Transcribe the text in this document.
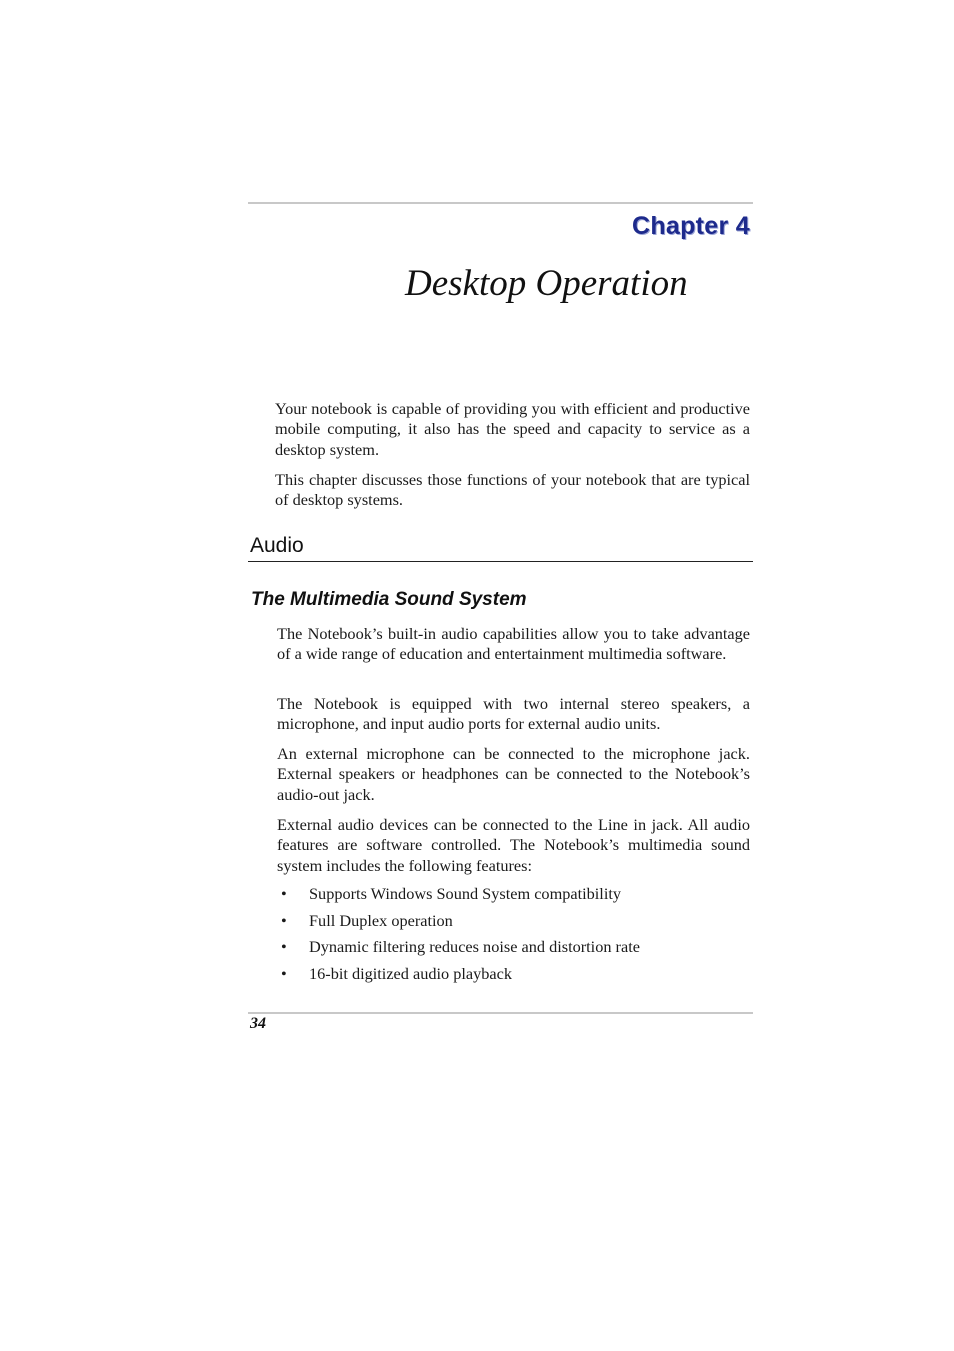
Chapter 4
Desktop Operation

Your notebook is capable of providing you with efficient and productive mobile computing, it also has the speed and capacity to service as a desktop system.

This chapter discusses those functions of your notebook that are typical of desktop systems.

Audio
The Multimedia Sound System

The Notebook’s built-in audio capabilities allow you to take advantage of a wide range of education and entertainment multimedia software.

The Notebook is equipped with two internal stereo speakers, a microphone, and input audio ports for external audio units.

An external microphone can be connected to the microphone jack. External speakers or headphones can be connected to the Notebook’s audio-out jack.

External audio devices can be connected to the Line in jack. All audio features are software controlled. The Notebook’s multimedia sound system includes the following features:

• Supports Windows Sound System compatibility
• Full Duplex operation
• Dynamic filtering reduces noise and distortion rate
• 16-bit digitized audio playback
34
